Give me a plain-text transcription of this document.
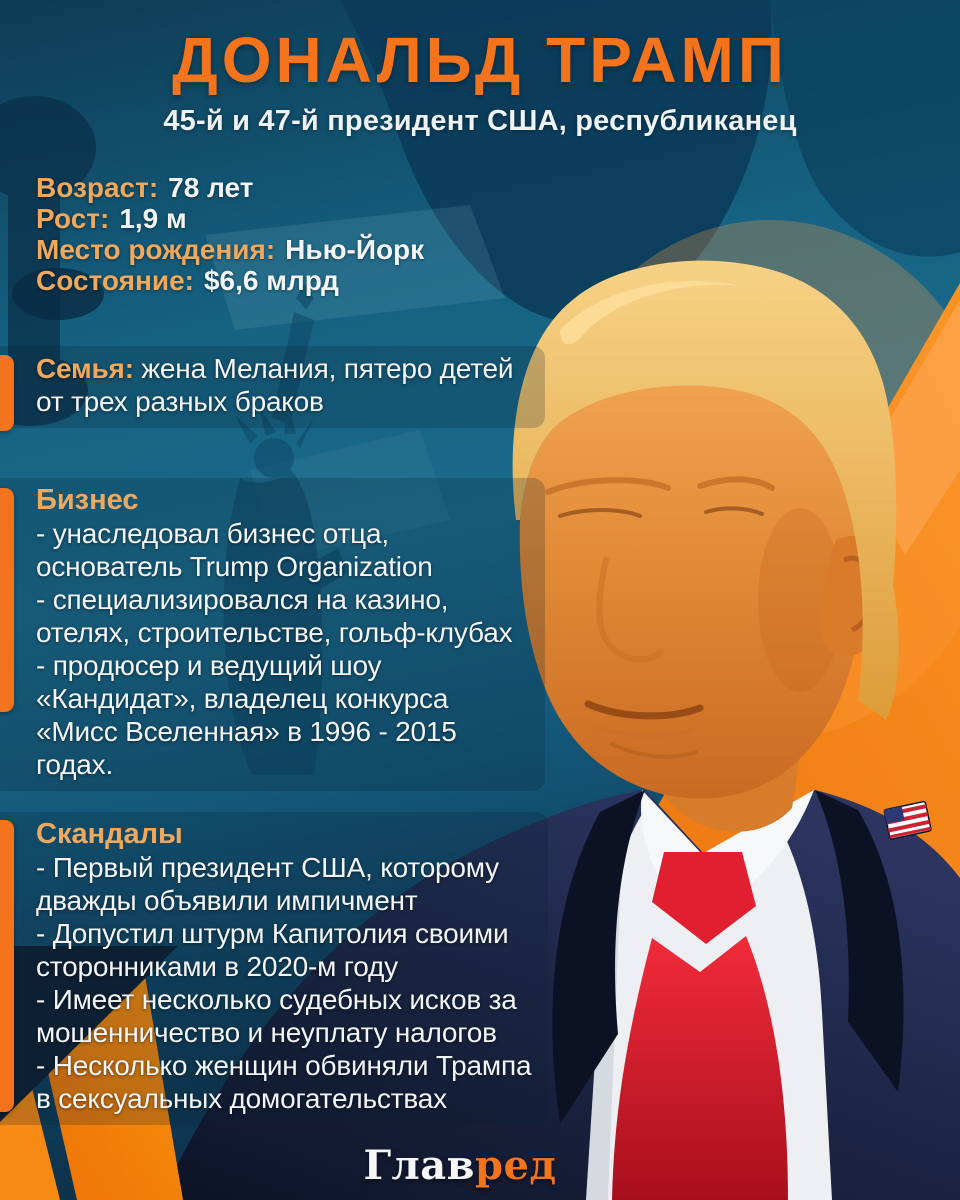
ДОНАЛЬД ТРАМП

45-й и 47-й президент США, республиканец

Возраст: 78 лет
Рост: 1,9 м
Место рождения: Нью-Йорк
Состояние: $6,6 млрд

Семья: жена Мелания, пятеро детей от трех разных браков

Бизнес

- унаследовал бизнес отца, основатель Trump Organization

- специализировался на казино, отелях, строительстве, гольф-клубах

- продюсер и ведущий шоу «Кандидат», владелец конкурса «Мисс Вселенная» в 1996 - 2015 годах.

Скандалы

- Первый президент США, которому дважды объявили импичмент

- Допустил штурм Капитолия своими сторонниками в 2020-м году

- Имеет несколько судебных исков за мошенничество и неуплату налогов

- Несколько женщин обвиняли Трампа в сексуальных домогательствах

Главред
